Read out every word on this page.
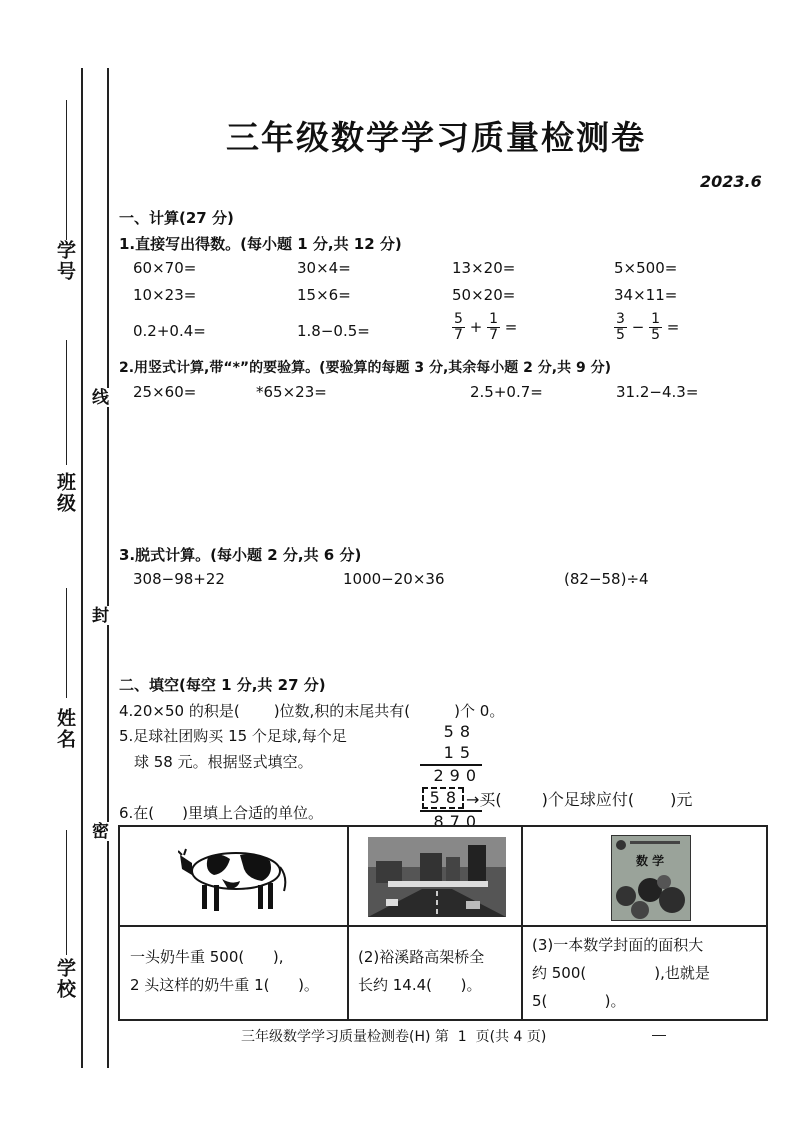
学号
班级
姓名
学校
线
封
密
三年级数学学习质量检测卷
2023.6
一、计算(27 分)
1.直接写出得数。(每小题 1 分,共 12 分)
60×70=	30×4=	13×20=	5×500=
10×23=	15×6=	50×20=	34×11=
0.2+0.4=	1.8−0.5=	$\frac{5}{7} + \frac{1}{7}$ =	$\frac{3}{5} - \frac{1}{5}$ =
2.用竖式计算,带“*”的要验算。(要验算的每题 3 分,其余每小题 2 分,共 9 分)
25×60=	*65×23=	2.5+0.7=	31.2−4.3=
3.脱式计算。(每小题 2 分,共 6 分)
308−98+22	1000−20×36	(82−58)÷4
二、填空(每空 1 分,共 27 分)
4.20×50 的积是( )位数,积的末尾共有(	)个 0。
5.足球社团购买 15 个足球,每个足
球 58 元。根据竖式填空。
58
15
290
58
870
→买(	)个足球应付( )元
6.在( )里填上合适的单位。
数 学
一头奶牛重 500(      ),
2 头这样的奶牛重 1(      )。
(2)裕溪路高架桥全
长约 14.4(      )。
(3)一本数学封面的面积大
约 500(	),也就是
5(            )。
三年级数学学习质量检测卷(H) 第  1  页(共 4 页)
